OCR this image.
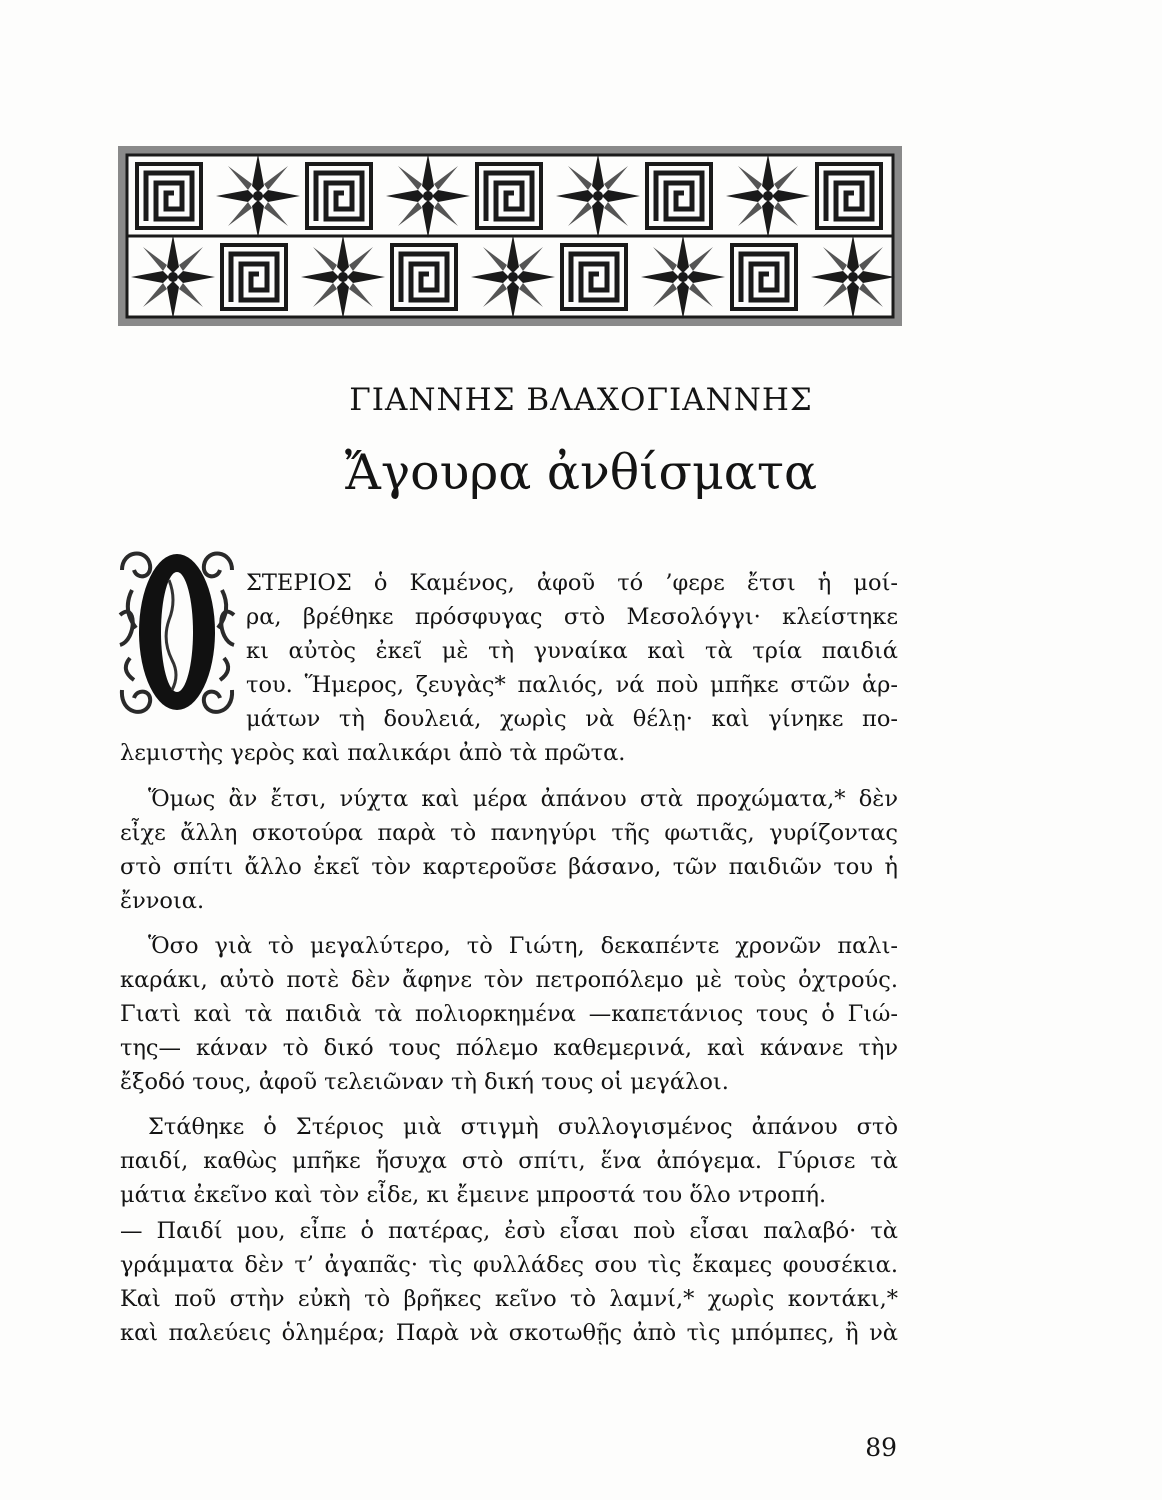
ΓΙΑΝΝΗΣ ΒΛΑΧΟΓΙΑΝΝΗΣ
Ἄγουρα ἀνθίσματα
ΣΤΕΡΙΟΣ ὁ Καμένος, ἀφοῦ τό ’φερε ἔτσι ἡ μοί-
ρα, βρέθηκε πρόσφυγας στὸ Μεσολόγγι· κλείστηκε
κι αὐτὸς ἐκεῖ μὲ τὴ γυναίκα καὶ τὰ τρία παιδιά
του. Ἥμερος, ζευγὰς* παλιός, νά ποὺ μπῆκε στῶν ἁρ-
μάτων τὴ δουλειά, χωρὶς νὰ θέλῃ· καὶ γίνηκε πο-
λεμιστὴς γερὸς καὶ παλικάρι ἀπὸ τὰ πρῶτα.
Ὅμως ἂν ἔτσι, νύχτα καὶ μέρα ἀπάνου στὰ προχώματα,* δὲν
εἶχε ἄλλη σκοτούρα παρὰ τὸ πανηγύρι τῆς φωτιᾶς, γυρίζοντας
στὸ σπίτι ἄλλο ἐκεῖ τὸν καρτεροῦσε βάσανο, τῶν παιδιῶν του ἡ
ἔννοια.
Ὅσο γιὰ τὸ μεγαλύτερο, τὸ Γιώτη, δεκαπέντε χρονῶν παλι-
καράκι, αὐτὸ ποτὲ δὲν ἄφηνε τὸν πετροπόλεμο μὲ τοὺς ὀχτρούς.
Γιατὶ καὶ τὰ παιδιὰ τὰ πολιορκημένα —καπετάνιος τους ὁ Γιώ-
της— κάναν τὸ δικό τους πόλεμο καθεμερινά, καὶ κάνανε τὴν
ἔξοδό τους, ἀφοῦ τελειῶναν τὴ δική τους οἱ μεγάλοι.
Στάθηκε ὁ Στέριος μιὰ στιγμὴ συλλογισμένος ἀπάνου στὸ
παιδί, καθὼς μπῆκε ἥσυχα στὸ σπίτι, ἕνα ἀπόγεμα. Γύρισε τὰ
μάτια ἐκεῖνο καὶ τὸν εἶδε, κι ἔμεινε μπροστά του ὅλο ντροπή.
— Παιδί μου, εἶπε ὁ πατέρας, ἐσὺ εἶσαι ποὺ εἶσαι παλαβό· τὰ
γράμματα δὲν τ’ ἀγαπᾶς· τὶς φυλλάδες σου τὶς ἔκαμες φουσέκια.
Καὶ ποῦ στὴν εὐκὴ τὸ βρῆκες κεῖνο τὸ λαμνί,* χωρὶς κοντάκι,*
καὶ παλεύεις ὁλημέρα; Παρὰ νὰ σκοτωθῇς ἀπὸ τὶς μπόμπες, ἢ νὰ
89
